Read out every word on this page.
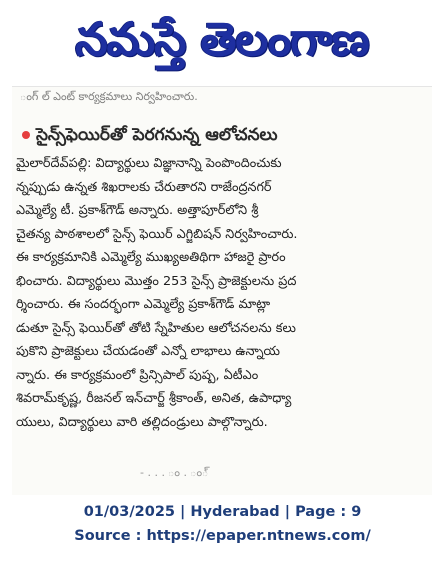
నమస్తే తెలంగాణ
ంగ్ ల్ ఎంట్ కార్యక్రమాలు నిర్వహించారు.
సైన్స్‌ఫెయిర్‌తో పెరగనున్న ఆలోచనలు
మైలార్‌దేవ్‌పల్లి: విద్యార్థులు విజ్ఞానాన్ని పెంపొందించుకు
న్నప్పుడు ఉన్నత శిఖరాలకు చేరుతారని రాజేంద్రనగర్
ఎమ్మెల్యే టీ. ప్రకాశ్‌గౌడ్ అన్నారు. అత్తాపూర్‌లోని శ్రీ
చైతన్య పాఠశాలలో సైన్స్ ఫెయిర్ ఎగ్జిబిషన్ నిర్వహించారు.
ఈ కార్యక్రమానికి ఎమ్మెల్యే ముఖ్యఅతిథిగా హాజరై ప్రారం
భించారు. విద్యార్థులు మొత్తం 253 సైన్స్ ప్రాజెక్టులను ప్రద
ర్శించారు. ఈ సందర్భంగా ఎమ్మెల్యే ప్రకాశ్‌గౌడ్ మాట్లా
డుతూ సైన్స్ ఫెయిర్‌తో తోటి స్నేహితుల ఆలోచనలను కలు
పుకొని ప్రాజెక్టులు చేయడంతో ఎన్నో లాభాలు ఉన్నాయ
న్నారు. ఈ కార్యక్రమంలో ప్రిన్సిపాల్ పుష్ప, ఏటీఎం
శివరామ్‌కృష్ణ, రీజనల్ ఇన్‌చార్జ్ శ్రీకాంత్, అనిత, ఉపాధ్యా
యులు, విద్యార్థులు వారి తల్లిదండ్రులు పాల్గొన్నారు.
- . . . ం . ం్
01/03/2025 | Hyderabad | Page : 9
Source : https://epaper.ntnews.com/
